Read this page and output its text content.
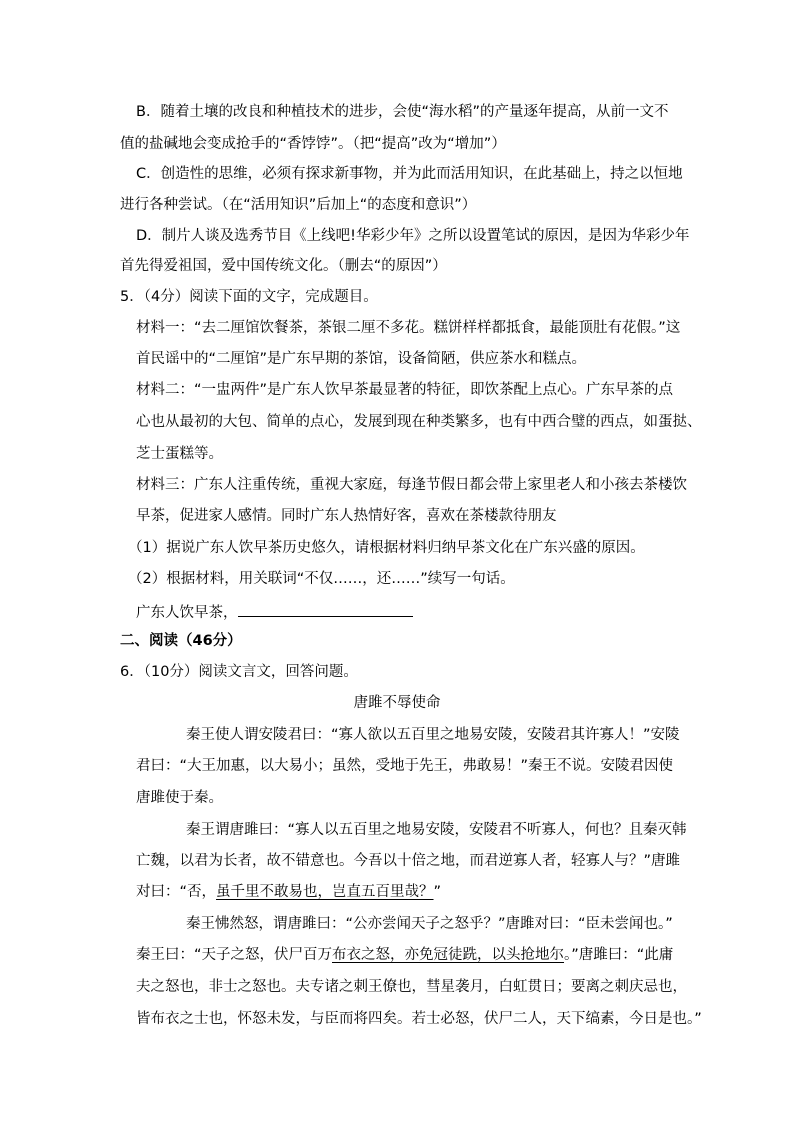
B．随着土壤的改良和种植技术的进步，会使“海水稻”的产量逐年提高，从前一文不
值的盐碱地会变成抢手的“香饽饽”。（把“提高”改为“增加”）
C．创造性的思维，必须有探求新事物，并为此而活用知识，在此基础上，持之以恒地
进行各种尝试。（在“活用知识”后加上“的态度和意识”）
D．制片人谈及选秀节目《上线吧!华彩少年》之所以设置笔试的原因，是因为华彩少年
首先得爱祖国，爱中国传统文化。（删去“的原因”）
5．（4分）阅读下面的文字，完成题目。
材料一：“去二厘馆饮餐茶，茶银二厘不多花。糕饼样样都抵食，最能顶肚有花假。”这
首民谣中的“二厘馆”是广东早期的茶馆，设备简陋，供应茶水和糕点。
材料二：“一盅两件”是广东人饮早茶最显著的特征，即饮茶配上点心。广东早茶的点
心也从最初的大包、简单的点心，发展到现在种类繁多，也有中西合璧的西点，如蛋挞、
芝士蛋糕等。
材料三：广东人注重传统，重视大家庭，每逢节假日都会带上家里老人和小孩去茶楼饮
早茶，促进家人感情。同时广东人热情好客，喜欢在茶楼款待朋友
（1）据说广东人饮早茶历史悠久，请根据材料归纳早茶文化在广东兴盛的原因。
（2）根据材料，用关联词“不仅……，还……”续写一句话。
广东人饮早茶，
二、阅读（46分）
6．（10分）阅读文言文，回答问题。
唐雎不辱使命
秦王使人谓安陵君曰：“寡人欲以五百里之地易安陵，安陵君其许寡人！”安陵
君曰：“大王加惠，以大易小；虽然，受地于先王，弗敢易！”秦王不说。安陵君因使
唐雎使于秦。
秦王谓唐雎曰：“寡人以五百里之地易安陵，安陵君不听寡人，何也？且秦灭韩
亡魏，以君为长者，故不错意也。今吾以十倍之地，而君逆寡人者，轻寡人与？”唐雎
对曰：“否，虽千里不敢易也，岂直五百里哉？”
秦王怫然怒，谓唐雎曰：“公亦尝闻天子之怒乎？”唐雎对曰：“臣未尝闻也。”
秦王曰：“天子之怒，伏尸百万布衣之怒，亦免冠徒跣，以头抢地尔。”唐雎曰：“此庸
夫之怒也，非士之怒也。夫专诸之刺王僚也，彗星袭月，白虹贯日；要离之刺庆忌也，
皆布衣之士也，怀怒未发，与臣而将四矣。若士必怒，伏尸二人，天下缟素，今日是也。”
